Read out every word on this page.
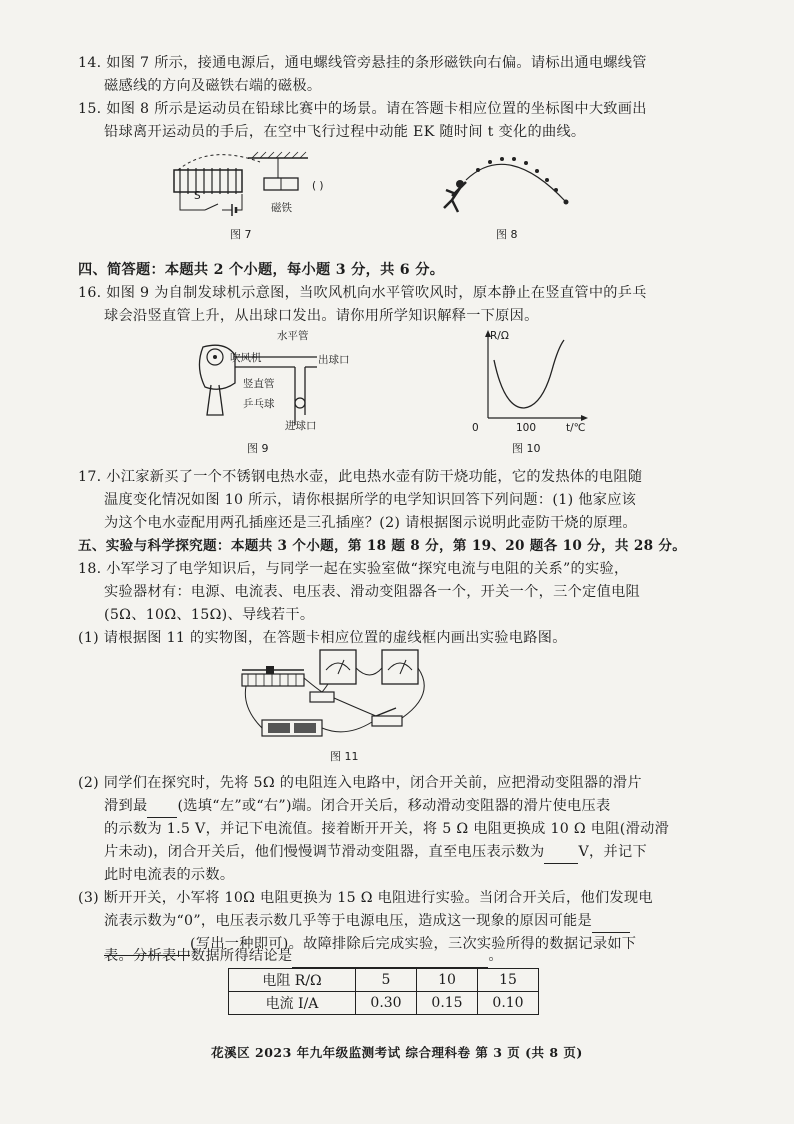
14. 如图 7 所示，接通电源后，通电螺线管旁悬挂的条形磁铁向右偏。请标出通电螺线管
磁感线的方向及磁铁右端的磁极。
15. 如图 8 所示是运动员在铅球比赛中的场景。请在答题卡相应位置的坐标图中大致画出
铅球离开运动员的手后，在空中飞行过程中动能 EK 随时间 t 变化的曲线。
S
磁铁
( )
图 7	图 8
四、简答题：本题共 2 个小题，每小题 3 分，共 6 分。
16. 如图 9 为自制发球机示意图，当吹风机向水平管吹风时，原本静止在竖直管中的乒乓
球会沿竖直管上升，从出球口发出。请你用所学知识解释一下原因。
水平管
吹风机	出球口
竖直管
乒乓球
进球口
图 9
R/Ω
0	100	t/℃
图 10
17. 小江家新买了一个不锈钢电热水壶，此电热水壶有防干烧功能，它的发热体的电阻随
温度变化情况如图 10 所示，请你根据所学的电学知识回答下列问题：(1) 他家应该
为这个电水壶配用两孔插座还是三孔插座？(2) 请根据图示说明此壶防干烧的原理。
五、实验与科学探究题：本题共 3 个小题，第 18 题 8 分，第 19、20 题各 10 分，共 28 分。
18. 小军学习了电学知识后，与同学一起在实验室做“探究电流与电阻的关系”的实验，
实验器材有：电源、电流表、电压表、滑动变阻器各一个，开关一个，三个定值电阻
(5Ω、10Ω、15Ω)、导线若干。
(1) 请根据图 11 的实物图，在答题卡相应位置的虚线框内画出实验电路图。
图 11
(2) 同学们在探究时，先将 5Ω 的电阻连入电路中，闭合开关前，应把滑动变阻器的滑片
滑到最 (选填“左”或“右”)端。闭合开关后，移动滑动变阻器的滑片使电压表
的示数为 1.5 V，并记下电流值。接着断开开关，将 5 Ω 电阻更换成 10 Ω 电阻(滑动滑
片未动)，闭合开关后，他们慢慢调节滑动变阻器，直至电压表示数为 V，并记下
此时电流表的示数。
(3) 断开开关，小军将 10Ω 电阻更换为 15 Ω 电阻进行实验。当闭合开关后，他们发现电
流表示数为“0”，电压表示数几乎等于电源电压，造成这一现象的原因可能是
(写出一种即可)。故障排除后完成实验，三次实验所得的数据记录如下
表。分析表中数据所得结论是	。
电阻 R/Ω	5	10	15
电流 I/A	0.30	0.15	0.10
花溪区 2023 年九年级监测考试 综合理科卷 第 3 页 (共 8 页)
